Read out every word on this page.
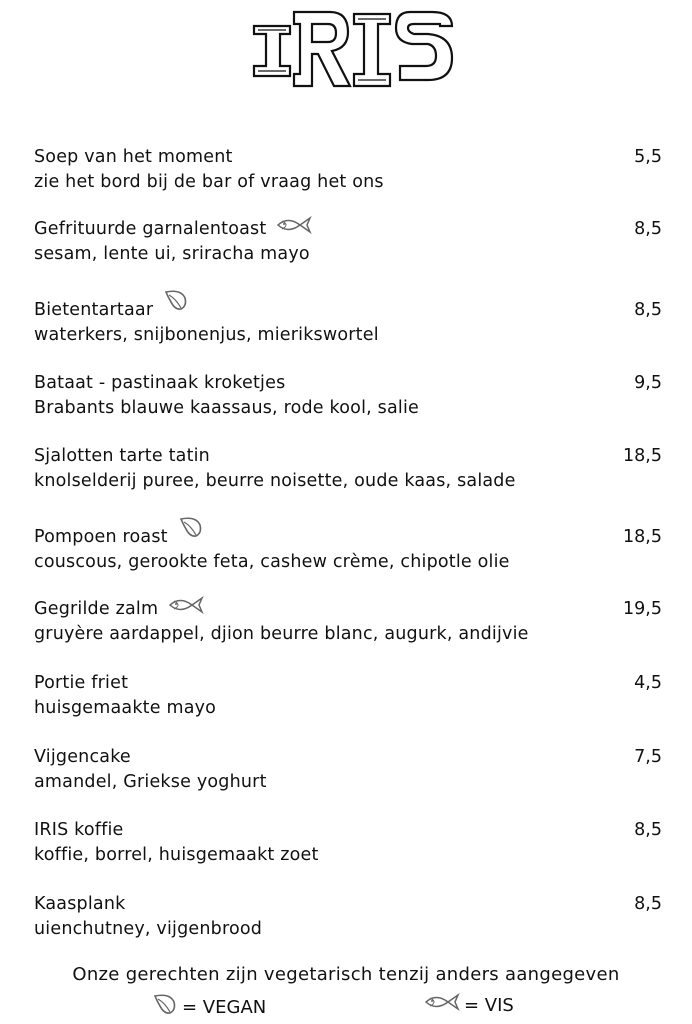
Soep van het moment	5,5
zie het bord bij de bar of vraag het ons
Gefrituurde garnalentoast	8,5
sesam, lente ui, sriracha mayo
Bietentartaar	8,5
waterkers, snijbonenjus, mierikswortel
Bataat - pastinaak kroketjes	9,5
Brabants blauwe kaassaus, rode kool, salie
Sjalotten tarte tatin	18,5
knolselderij puree, beurre noisette, oude kaas, salade
Pompoen roast	18,5
couscous, gerookte feta, cashew crème, chipotle olie
Gegrilde zalm	19,5
gruyère aardappel, djion beurre blanc, augurk, andijvie
Portie friet	4,5
huisgemaakte mayo
Vijgencake	7,5
amandel, Griekse yoghurt
IRIS koffie	8,5
koffie, borrel, huisgemaakt zoet
Kaasplank	8,5
uienchutney, vijgenbrood
Onze gerechten zijn vegetarisch tenzij anders aangegeven
= VEGAN	= VIS
